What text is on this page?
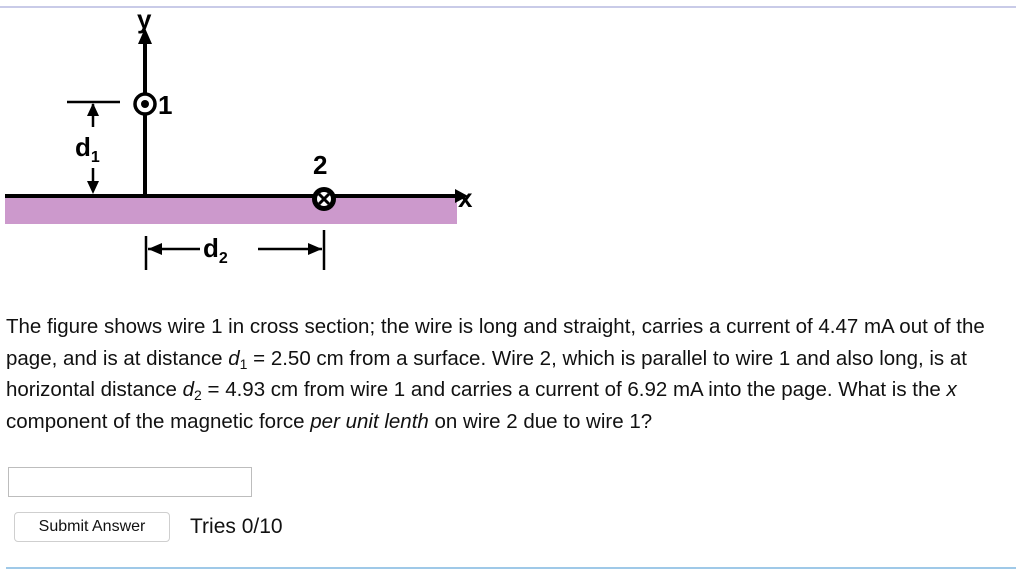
y
x
1
$d_1$	2
$d_2$
The figure shows wire 1 in cross section; the wire is long and straight, carries a current of 4.47 mA out of the page, and is at distance $d_1 = 2.50$ cm from a surface. Wire 2, which is parallel to wire 1 and also long, is at horizontal distance $d_2 = 4.93$ cm from wire 1 and carries a current of 6.92 mA into the page. What is the x component of the magnetic force per unit lenth on wire 2 due to wire 1?
Submit Answer	Tries 0/10
